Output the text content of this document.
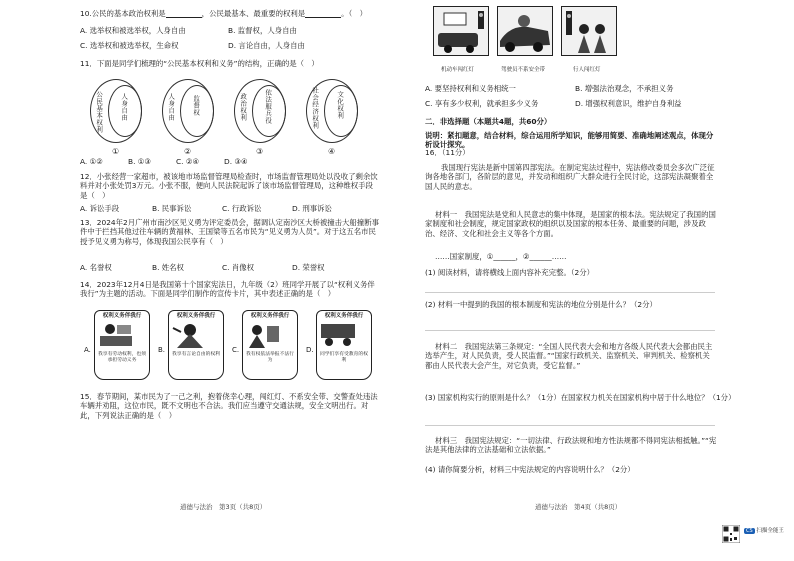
10.公民的基本政治权利是	，公民最基本、最重要的权利是	。（　）
A. 选举权和被选举权，人身自由	B. 监督权，人身自由
C. 选举权和被选举权，生命权	D. 言论自由，人身自由
11．下面是同学们梳理的“公民基本权利和义务”的结构，正确的是（　）
公民基本权利	人身自由	人身自由	监督权	政治权利	依法服兵役	社会经济权利	文化权利
①	②	③	④
A. ①②	B. ①③	C. ②④	D. ③④
12．小张经营一家超市，被该地市场监督管理局检查时，市场监督管理局处以没收了剩余饮料并对小张处罚3万元。小张不服，便向人民法院起诉了该市场监督管理局，这种维权手段是（　）
A. 诉讼手段	B. 民事诉讼	C. 行政诉讼	D. 刑事诉讼
13．2024年2月广州市南沙区见义勇为评定委员会，据调认定南沙区大桥被撞击大船撞断事件中于拦挡其他过往车辆的黄福林、王国梁等五名市民为“见义勇为人员”。对于这五名市民授予见义勇为称号，体现我国公民享有（　）
A. 名誉权	B. 姓名权	C. 肖像权	D. 荣誉权
14．2023年12月4日是我国第十个国家宪法日，九年级（2）班同学开展了以“权利义务伴我行”为主题的活动。下面是同学们制作的宣传卡片，其中表述正确的是（　）
A.
权利义务伴我行
我享有劳动权利，也须承担劳动义务
B.
权利义务伴我行
我享有言论自由的权利
C.
权利义务伴我行
我有权依法举报不法行为
D.
权利义务伴我行
同学们享有受教育的权利
15．春节期间，某市民为了一己之利，抱着侥幸心理，闯红灯、不系安全带、交警查处违法车辆并劝阻，这位市民，既不文明也不合法。我们应当遵守交通法规，安全文明出行。对此，下列说法正确的是（　）
道德与法治　第3页（共8页）
机动车闯红灯	驾驶员不系安全带	行人闯红灯
A. 要坚持权利和义务相统一	B. 增强法治观念，不承担义务
C. 享有多少权利，就承担多少义务	D. 增强权利意识，维护自身利益
二．非选择题（本题共4题，共60分）
说明：紧扣题意，结合材料，综合运用所学知识，能够用简要、准确地阐述观点，体现分析设计探究。
16．（11分）
我国现行宪法是新中国第四部宪法。在制定宪法过程中，宪法修改委员会多次广泛征询各地各部门，各阶层的意见，并发动和组织广大群众进行全民讨论，这部宪法凝聚着全国人民的意志。
材料一　我国宪法是党和人民意志的集中体现，是国家的根本法。宪法规定了我国的国家制度和社会制度，规定国家政权的组织以及国家的根本任务、最重要的问题，涉及政治、经济、文化和社会主义等各个方面。
……国家制度，①______，②______……
(1) 阅读材料，请将横线上面内容补充完整。（2分）
(2) 材料一中提到的我国的根本制度和宪法的地位分别是什么？（2分）
材料二　我国宪法第三条规定：“全国人民代表大会和地方各级人民代表大会都由民主选举产生，对人民负责，受人民监督。”“国家行政机关、监察机关、审判机关、检察机关都由人民代表大会产生，对它负责，受它监督。”
(3) 国家机构实行的原则是什么？（1分）在国家权力机关在国家机构中居于什么地位？（1分）
材料三　我国宪法规定：“一切法律、行政法规和地方性法规都不得同宪法相抵触。”“宪法是其他法律的立法基础和立法依据。”
(4) 请你简要分析，材料三中宪法规定的内容说明什么？（2分）
道德与法治　第4页（共8页）
CS 扫描全能王
